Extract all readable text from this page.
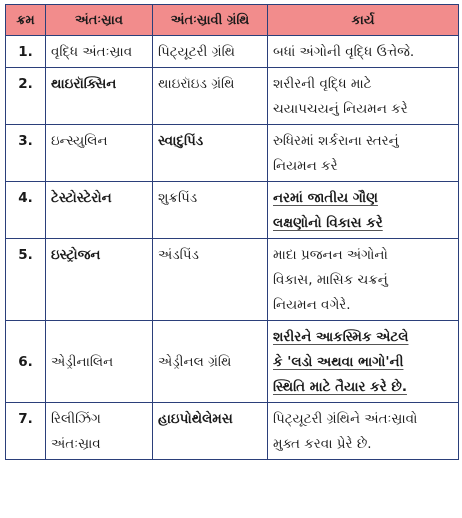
ક્રમ	અંતઃસ્રાવ	અંતઃસ્રાવી ગ્રંથિ	કાર્ય
1.	વૃદ્ધિ અંતઃસ્રાવ	પિટ્યૂટરી ગ્રંથિ	બધાં અંગોની વૃદ્ધિ ઉત્તેજે.

2.	થાઇરૉક્સિન	થાઇરૉઇડ ગ્રંથિ	શરીરની વૃદ્ધિ માટે
ચયાપચયનું નિયમન કરે

3.	ઇન્સ્યુલિન	સ્વાદુપિંડ	રુધિરમાં શર્કરાના સ્તરનું
નિયમન કરે

4.	ટેસ્ટોસ્ટેરોન	શુક્રપિંડ	નરમાં જાતીય ગૌણ
લક્ષણોનો વિકાસ કરે

5.	ઇસ્ટ્રોજન	અંડપિંડ	માદા પ્રજનન અંગોનો
વિકાસ, માસિક ચક્રનું
નિયમન વગેરે.

6.	એડ્રીનાલિન	એડ્રીનલ ગ્રંથિ	શરીરને આકસ્મિક એટલે
કે 'લડો અથવા ભાગો'ની
સ્થિતિ માટે તૈયાર કરે છે.

7.	રિલીઝિંગ
અંતઃસ્રાવ	હાઇપોથેલેમસ	પિટ્યૂટરી ગ્રંથિને અંતઃસ્રાવો
મુક્ત કરવા પ્રેરે છે.
